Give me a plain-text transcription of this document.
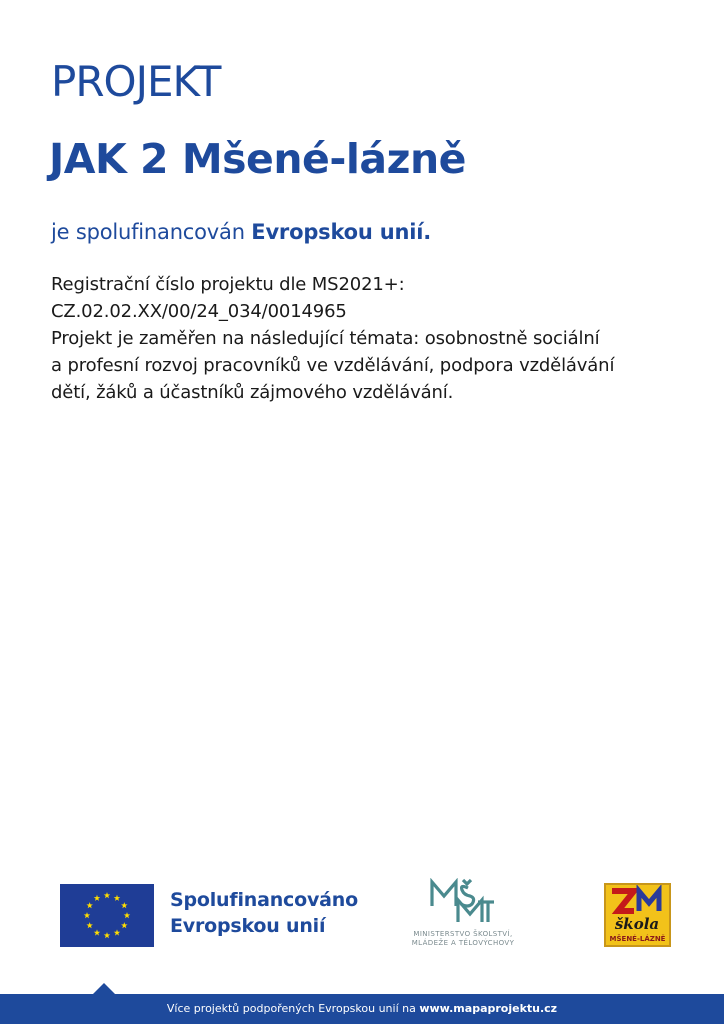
PROJEKT
JAK 2 Mšené-lázně
je spolufinancován Evropskou unií.
Registrační číslo projektu dle MS2021+:
CZ.02.02.XX/00/24_034/0014965
Projekt je zaměřen na následující témata: osobnostně sociální
a profesní rozvoj pracovníků ve vzdělávání, podpora vzdělávání
dětí, žáků a účastníků zájmového vzdělávání.
Spolufinancováno
Evropskou unií	MINISTERSTVO ŠKOLSTVÍ,
MLÁDEŽE A TĚLOVÝCHOVY
škola
MŠENÉ-LÁZNĚ
Více projektů podpořených Evropskou unií na www.mapaprojektu.cz
